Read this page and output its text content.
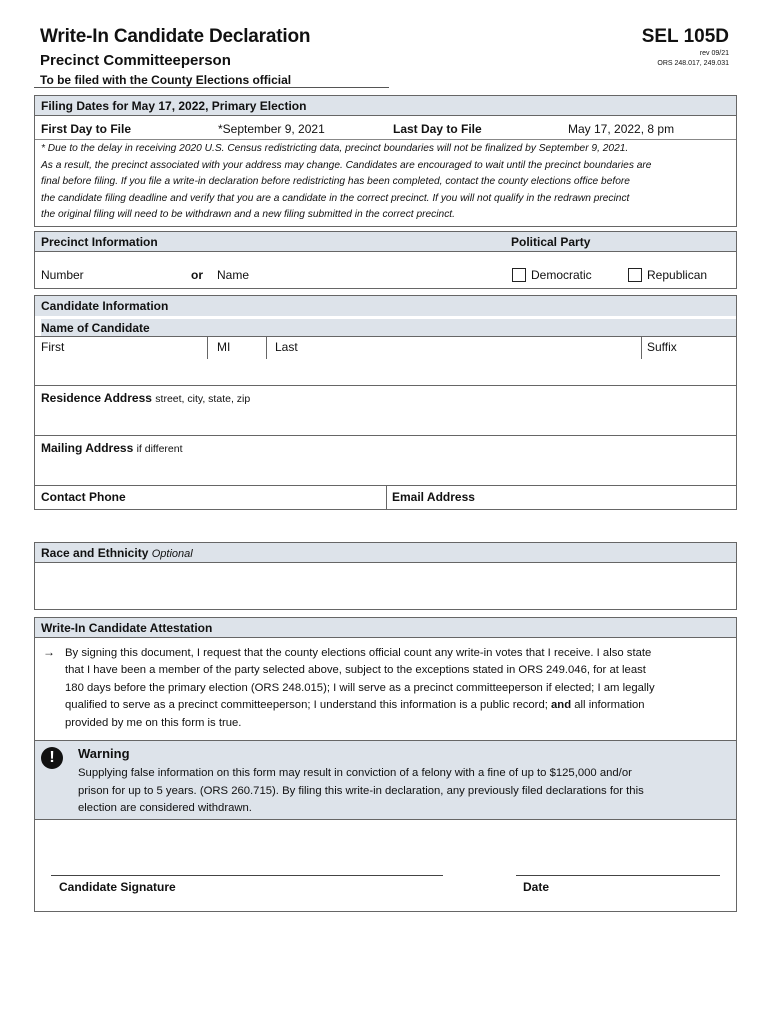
Write-In Candidate Declaration
Precinct Committeeperson
To be filed with the County Elections official
SEL 105D
rev 09/21
ORS 248.017, 249.031
Filing Dates for May 17, 2022, Primary Election
First Day to File	*September 9, 2021	Last Day to File	May 17, 2022, 8 pm
* Due to the delay in receiving 2020 U.S. Census redistricting data, precinct boundaries will not be finalized by September 9, 2021.
As a result, the precinct associated with your address may change. Candidates are encouraged to wait until the precinct boundaries are
final before filing. If you file a write-in declaration before redistricting has been completed, contact the county elections office before
the candidate filing deadline and verify that you are a candidate in the correct precinct. If you will not qualify in the redrawn precinct
the original filing will need to be withdrawn and a new filing submitted in the correct precinct.
Precinct Information	Political Party
Number	or Name	Democratic	Republican
Candidate Information
Name of Candidate
First	MI	Last	Suffix
Residence Address street, city, state, zip
Mailing Address if different
Contact Phone	Email Address
Race and Ethnicity Optional
Write-In Candidate Attestation
→ By signing this document, I request that the county elections official count any write-in votes that I receive. I also state
that I have been a member of the party selected above, subject to the exceptions stated in ORS 249.046, for at least
180 days before the primary election (ORS 248.015); I will serve as a precinct committeeperson if elected; I am legally
qualified to serve as a precinct committeeperson; I understand this information is a public record; and all information
provided by me on this form is true.
!	Warning
Supplying false information on this form may result in conviction of a felony with a fine of up to $125,000 and/or
prison for up to 5 years. (ORS 260.715). By filing this write-in declaration, any previously filed declarations for this
election are considered withdrawn.
Candidate Signature	Date
